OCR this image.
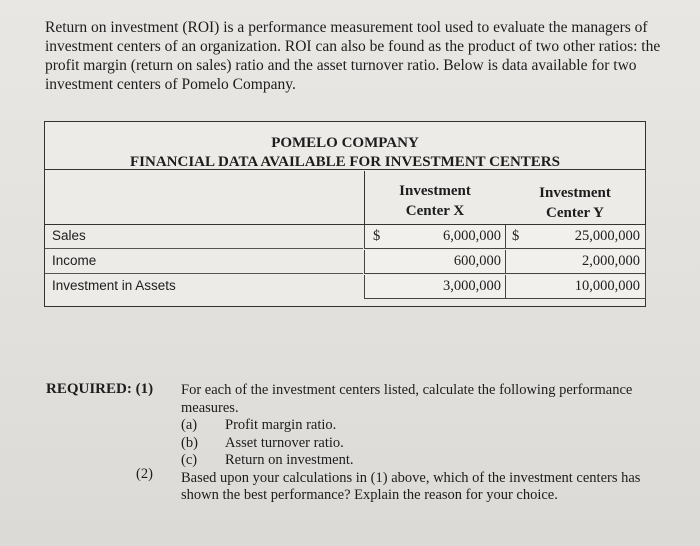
Return on investment (ROI) is a performance measurement tool used to evaluate the managers of investment centers of an organization. ROI can also be found as the product of two other ratios: the profit margin (return on sales) ratio and the asset turnover ratio. Below is data available for two investment centers of Pomelo Company.
POMELO COMPANY
FINANCIAL DATA AVAILABLE FOR INVESTMENT CENTERS
Investment
Center X
Investment
Center Y
Sales	$	6,000,000 $	25,000,000
Income	600,000	2,000,000
Investment in Assets	3,000,000	10,000,000
REQUIRED: (1) For each of the investment centers listed, calculate the following performance measures.
(a)	Profit margin ratio.
(b)	Asset turnover ratio.
(c)	Return on investment.
Based upon your calculations in (1) above, which of the investment centers has shown the best performance? Explain the reason for your choice.
(2)
